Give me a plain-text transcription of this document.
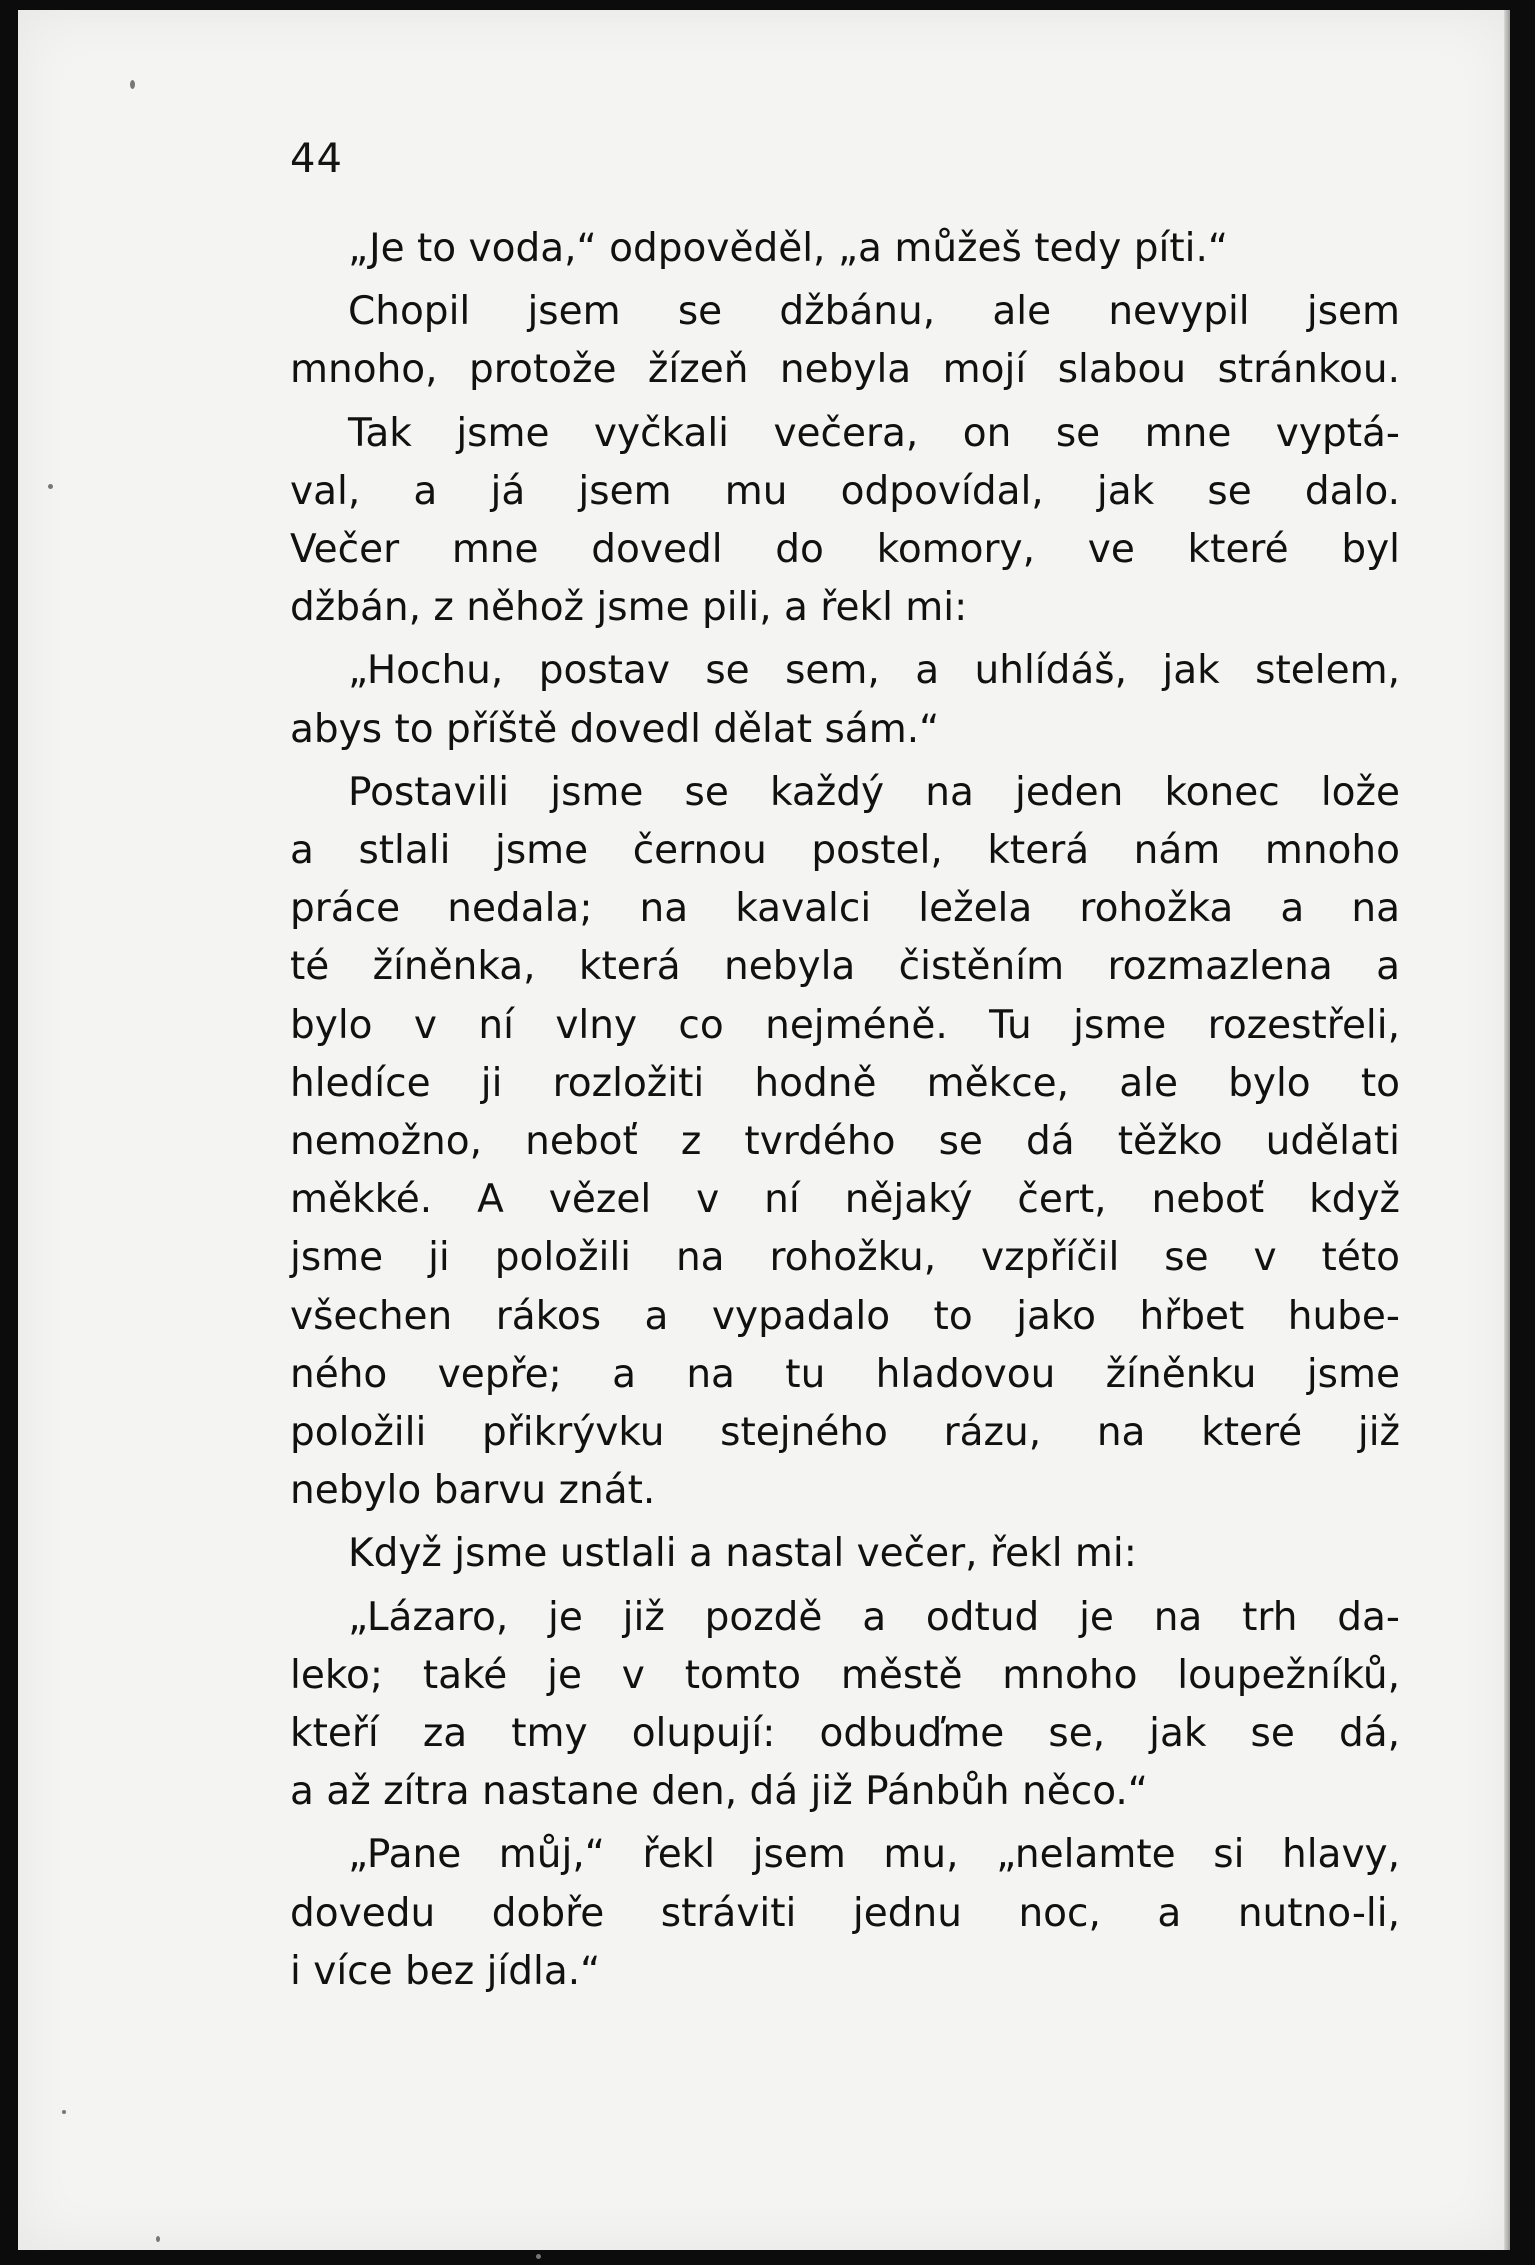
44

„Je to voda,“ odpověděl, „a můžeš tedy píti.“

Chopil jsem se džbánu, ale nevypil jsem
mnoho, protože žízeň nebyla mojí slabou stránkou.

Tak jsme vyčkali večera, on se mne vyptá-
val, a já jsem mu odpovídal, jak se dalo.
Večer mne dovedl do komory, ve které byl
džbán, z něhož jsme pili, a řekl mi:

„Hochu, postav se sem, a uhlídáš, jak stelem,
abys to příště dovedl dělat sám.“

Postavili jsme se každý na jeden konec lože
a stlali jsme černou postel, která nám mnoho
práce nedala; na kavalci ležela rohožka a na
té žíněnka, která nebyla čistěním rozmazlena a
bylo v ní vlny co nejméně. Tu jsme rozestřeli,
hledíce ji rozložiti hodně měkce, ale bylo to
nemožno, neboť z tvrdého se dá těžko udělati
měkké. A vězel v ní nějaký čert, neboť když
jsme ji položili na rohožku, vzpříčil se v této
všechen rákos a vypadalo to jako hřbet hube-
ného vepře; a na tu hladovou žíněnku jsme
položili přikrývku stejného rázu, na které již
nebylo barvu znát.

Když jsme ustlali a nastal večer, řekl mi:

„Lázaro, je již pozdě a odtud je na trh da-
leko; také je v tomto městě mnoho loupežníků,
kteří za tmy olupují: odbuďme se, jak se dá,
a až zítra nastane den, dá již Pánbůh něco.“

„Pane můj,“ řekl jsem mu, „nelamte si hlavy,
dovedu dobře stráviti jednu noc, a nutno-li,
i více bez jídla.“
